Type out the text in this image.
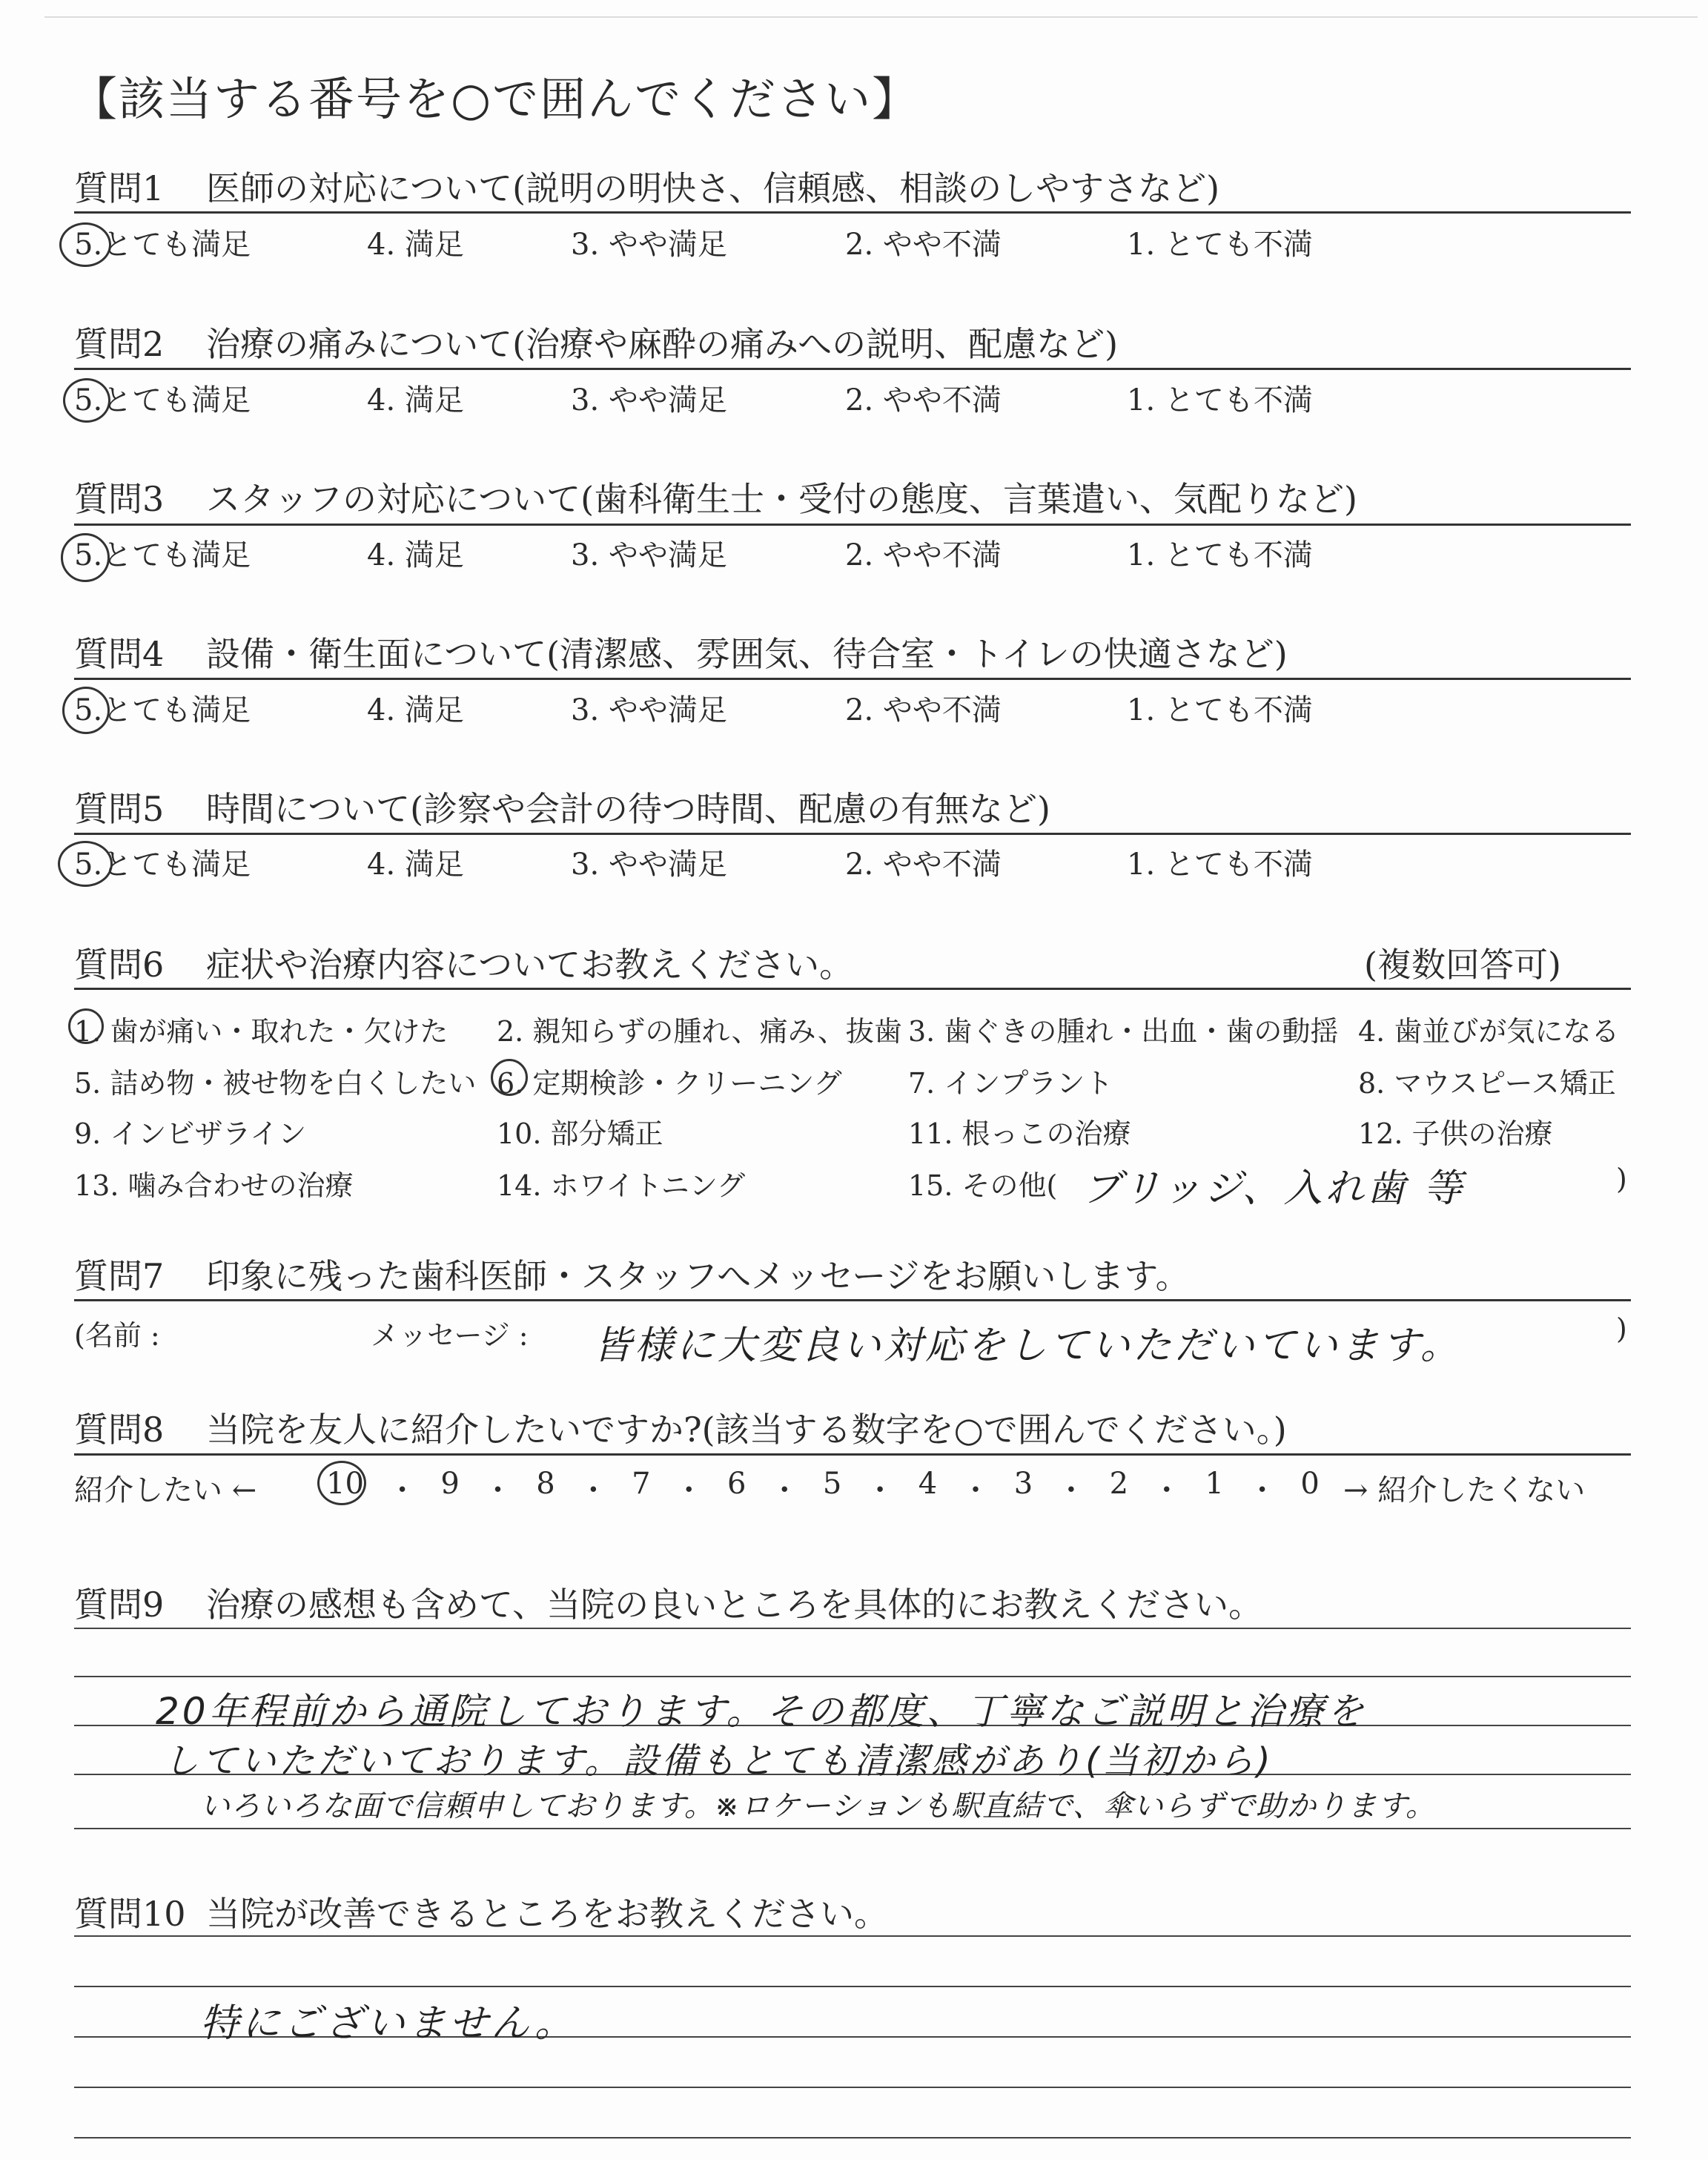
【該当する番号を○で囲んでください】
質問1 医師の対応について(説明の明快さ、信頼感、相談のしやすさなど)
5.とても満足	4. 満足	3. やや満足	2. やや不満	1. とても不満
質問2 治療の痛みについて(治療や麻酔の痛みへの説明、配慮など)
5.とても満足	4. 満足	3. やや満足	2. やや不満	1. とても不満
質問3 スタッフの対応について(歯科衛生士・受付の態度、言葉遣い、気配りなど)
5.とても満足	4. 満足	3. やや満足	2. やや不満	1. とても不満
質問4 設備・衛生面について(清潔感、雰囲気、待合室・トイレの快適さなど)
5.とても満足	4. 満足	3. やや満足	2. やや不満	1. とても不満
質問5 時間について(診察や会計の待つ時間、配慮の有無など)
5.とても満足	4. 満足	3. やや満足	2. やや不満	1. とても不満
質問6 症状や治療内容についてお教えください。	(複数回答可)
1. 歯が痛い・取れた・欠けた 2. 親知らずの腫れ、痛み、抜歯 3. 歯ぐきの腫れ・出血・歯の動揺 4. 歯並びが気になる
5. 詰め物・被せ物を白くしたい 6. 定期検診・クリーニング 7. インプラント	8. マウスピース矯正
9. インビザライン	10. 部分矯正	11. 根っこの治療	12. 子供の治療
13. 噛み合わせの治療	14. ホワイトニング	15. その他( ブリッジ、入れ歯 等	)
質問7 印象に残った歯科医師・スタッフへメッセージをお願いします。
(名前 :	メッセージ : 皆様に大変良い対応をしていただいています。	)
質問8 当院を友人に紹介したいですか?(該当する数字を○で囲んでください。)
紹介したい ← 10 ・ 9 ・ 8 ・ 7 ・ 6 ・ 5 ・ 4 ・ 3 ・ 2 ・ 1 ・ 0 → 紹介したくない
質問9 治療の感想も含めて、当院の良いところを具体的にお教えください。
20年程前から通院しております。その都度、丁寧なご説明と治療を
していただいております。設備もとても清潔感があり(当初から)
いろいろな面で信頼申しております。※ロケーションも駅直結で、傘いらずで助かります。
質問10 当院が改善できるところをお教えください。
特にございません。
